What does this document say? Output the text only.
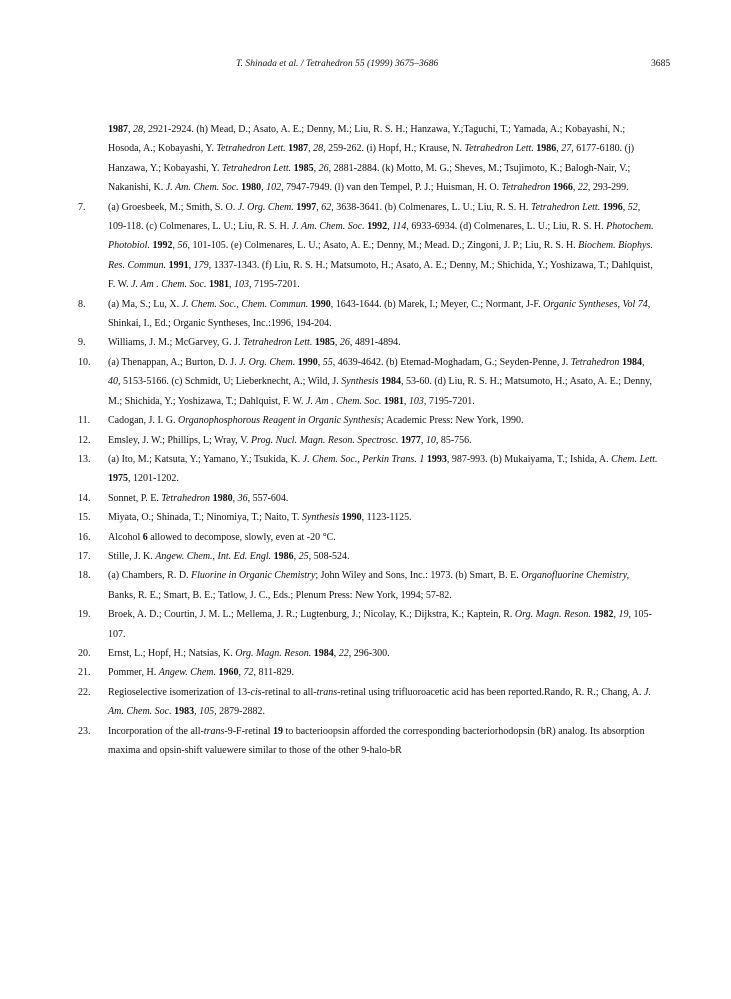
T. Shinada et al. / Tetrahedron 55 (1999) 3675–3686	3685
1987, 28, 2921-2924. (h) Mead, D.; Asato, A. E.; Denny, M.; Liu, R. S. H.; Hanzawa, Y.;Taguchi, T.; Yamada, A.; Kobayashi, N.; Hosoda, A.; Kobayashi, Y. Tetrahedron Lett. 1987, 28, 259-262. (i) Hopf, H.; Krause, N. Tetrahedron Lett. 1986, 27, 6177-6180. (j) Hanzawa, Y.; Kobayashi, Y. Tetrahedron Lett. 1985, 26, 2881-2884. (k) Motto, M. G.; Sheves, M.; Tsujimoto, K.; Balogh-Nair, V.; Nakanishi, K. J. Am. Chem. Soc. 1980, 102, 7947-7949. (l) van den Tempel, P. J.; Huisman, H. O. Tetrahedron 1966, 22, 293-299.
7.	(a) Groesbeek, M.; Smith, S. O. J. Org. Chem. 1997, 62, 3638-3641. (b) Colmenares, L. U.; Liu, R. S. H. Tetrahedron Lett. 1996, 52, 109-118. (c) Colmenares, L. U.; Liu, R. S. H. J. Am. Chem. Soc. 1992, 114, 6933-6934. (d) Colmenares, L. U.; Liu, R. S. H. Photochem. Photobiol. 1992, 56, 101-105. (e) Colmenares, L. U.; Asato, A. E.; Denny, M.; Mead. D.; Zingoni, J. P.; Liu, R. S. H. Biochem. Biophys. Res. Commun. 1991, 179, 1337-1343. (f) Liu, R. S. H.; Matsumoto, H.; Asato, A. E.; Denny, M.; Shichida, Y.; Yoshizawa, T.; Dahlquist, F. W. J. Am . Chem. Soc. 1981, 103, 7195-7201.
8.	(a) Ma, S.; Lu, X. J. Chem. Soc., Chem. Commun. 1990, 1643-1644. (b) Marek, I.; Meyer, C.; Normant, J-F. Organic Syntheses, Vol 74, Shinkai, I., Ed.; Organic Syntheses, Inc.:1996, 194-204.
9.	Williams, J. M.; McGarvey, G. J. Tetrahedron Lett. 1985, 26, 4891-4894.
10.	(a) Thenappan, A.; Burton, D. J. J. Org. Chem. 1990, 55, 4639-4642. (b) Etemad-Moghadam, G.; Seyden-Penne, J. Tetrahedron 1984, 40, 5153-5166. (c) Schmidt, U; Lieberknecht, A.; Wild, J. Synthesis 1984, 53-60. (d) Liu, R. S. H.; Matsumoto, H.; Asato, A. E.; Denny, M.; Shichida, Y.; Yoshizawa, T.; Dahlquist, F. W. J. Am . Chem. Soc. 1981, 103, 7195-7201.
11.	Cadogan, J. I. G. Organophosphorous Reagent in Organic Synthesis; Academic Press: New York, 1990.
12.	Emsley, J. W.; Phillips, L; Wray, V. Prog. Nucl. Magn. Reson. Spectrosc. 1977, 10, 85-756.
13.	(a) Ito, M.; Katsuta, Y.; Yamano, Y.; Tsukida, K. J. Chem. Soc., Perkin Trans. 1 1993, 987-993. (b) Mukaiyama, T.; Ishida, A. Chem. Lett. 1975, 1201-1202.
14.	Sonnet, P. E. Tetrahedron 1980, 36, 557-604.
15.	Miyata, O.; Shinada, T.; Ninomiya, T.; Naito, T. Synthesis 1990, 1123-1125.
16.	Alcohol 6 allowed to decompose, slowly, even at -20 °C.
17.	Stille, J. K. Angew. Chem., Int. Ed. Engl. 1986, 25, 508-524.
18.	(a) Chambers, R. D. Fluorine in Organic Chemistry; John Wiley and Sons, Inc.: 1973. (b) Smart, B. E. Organofluorine Chemistry, Banks, R. E.; Smart, B. E.; Tatlow, J. C., Eds.; Plenum Press: New York, 1994; 57-82.
19.	Broek, A. D.; Courtin, J. M. L.; Mellema, J. R.; Lugtenburg, J.; Nicolay, K.; Dijkstra, K.; Kaptein, R. Org. Magn. Reson. 1982, 19, 105-107.
20.	Ernst, L.; Hopf, H.; Natsias, K. Org. Magn. Reson. 1984, 22, 296-300.
21.	Pommer, H. Angew. Chem. 1960, 72, 811-829.
22.	Regioselective isomerization of 13-cis-retinal to all-trans-retinal using trifluoroacetic acid has been reported.Rando, R. R.; Chang, A. J. Am. Chem. Soc. 1983, 105, 2879-2882.
23.	Incorporation of the all-trans-9-F-retinal 19 to bacterioopsin afforded the corresponding bacteriorhodopsin (bR) analog. Its absorption maxima and opsin-shift valuewere similar to those of the other 9-halo-bR
